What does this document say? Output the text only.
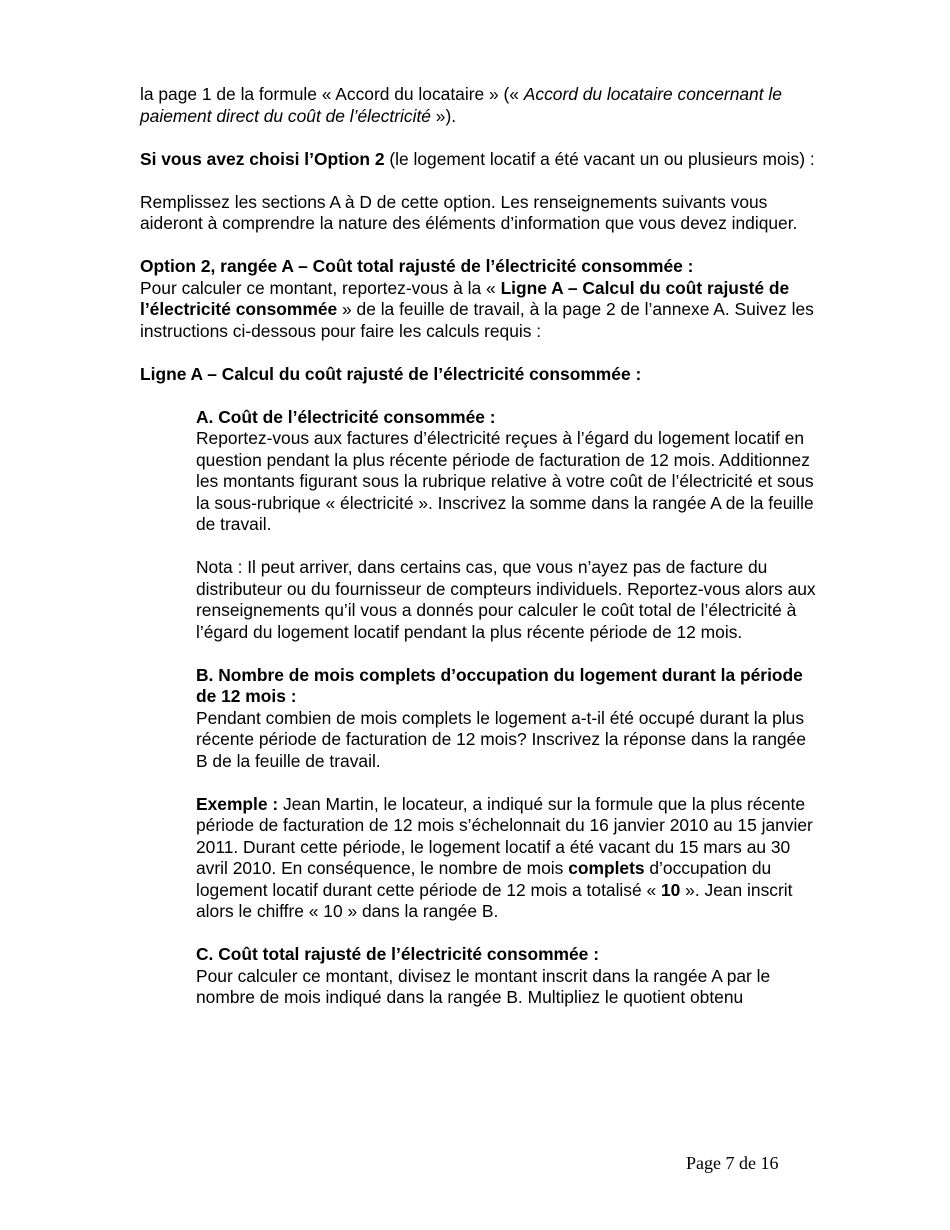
la page 1 de la formule « Accord du locataire » (« Accord du locataire concernant le paiement direct du coût de l’électricité »).

Si vous avez choisi l’Option 2 (le logement locatif a été vacant un ou plusieurs mois) :

Remplissez les sections A à D de cette option. Les renseignements suivants vous aideront à comprendre la nature des éléments d’information que vous devez indiquer.

Option 2, rangée A – Coût total rajusté de l’électricité consommée :

Pour calculer ce montant, reportez-vous à la « Ligne A – Calcul du coût rajusté de l’électricité consommée » de la feuille de travail, à la page 2 de l’annexe A. Suivez les instructions ci-dessous pour faire les calculs requis :

Ligne A – Calcul du coût rajusté de l’électricité consommée :

A. Coût de l’électricité consommée :

Reportez-vous aux factures d’électricité reçues à l’égard du logement locatif en question pendant la plus récente période de facturation de 12 mois. Additionnez les montants figurant sous la rubrique relative à votre coût de l’électricité et sous la sous-rubrique « électricité ». Inscrivez la somme dans la rangée A de la feuille de travail.

Nota : Il peut arriver, dans certains cas, que vous n’ayez pas de facture du distributeur ou du fournisseur de compteurs individuels. Reportez-vous alors aux renseignements qu’il vous a donnés pour calculer le coût total de l’électricité à l’égard du logement locatif pendant la plus récente période de 12 mois.

B. Nombre de mois complets d’occupation du logement durant la période de 12 mois :

Pendant combien de mois complets le logement a-t-il été occupé durant la plus récente période de facturation de 12 mois? Inscrivez la réponse dans la rangée B de la feuille de travail.

Exemple : Jean Martin, le locateur, a indiqué sur la formule que la plus récente période de facturation de 12 mois s’échelonnait du 16 janvier 2010 au 15 janvier 2011. Durant cette période, le logement locatif a été vacant du 15 mars au 30 avril 2010. En conséquence, le nombre de mois complets d’occupation du logement locatif durant cette période de 12 mois a totalisé « 10 ». Jean inscrit alors le chiffre « 10 » dans la rangée B.

C. Coût total rajusté de l’électricité consommée :

Pour calculer ce montant, divisez le montant inscrit dans la rangée A par le nombre de mois indiqué dans la rangée B. Multipliez le quotient obtenu

Page 7 de 16
